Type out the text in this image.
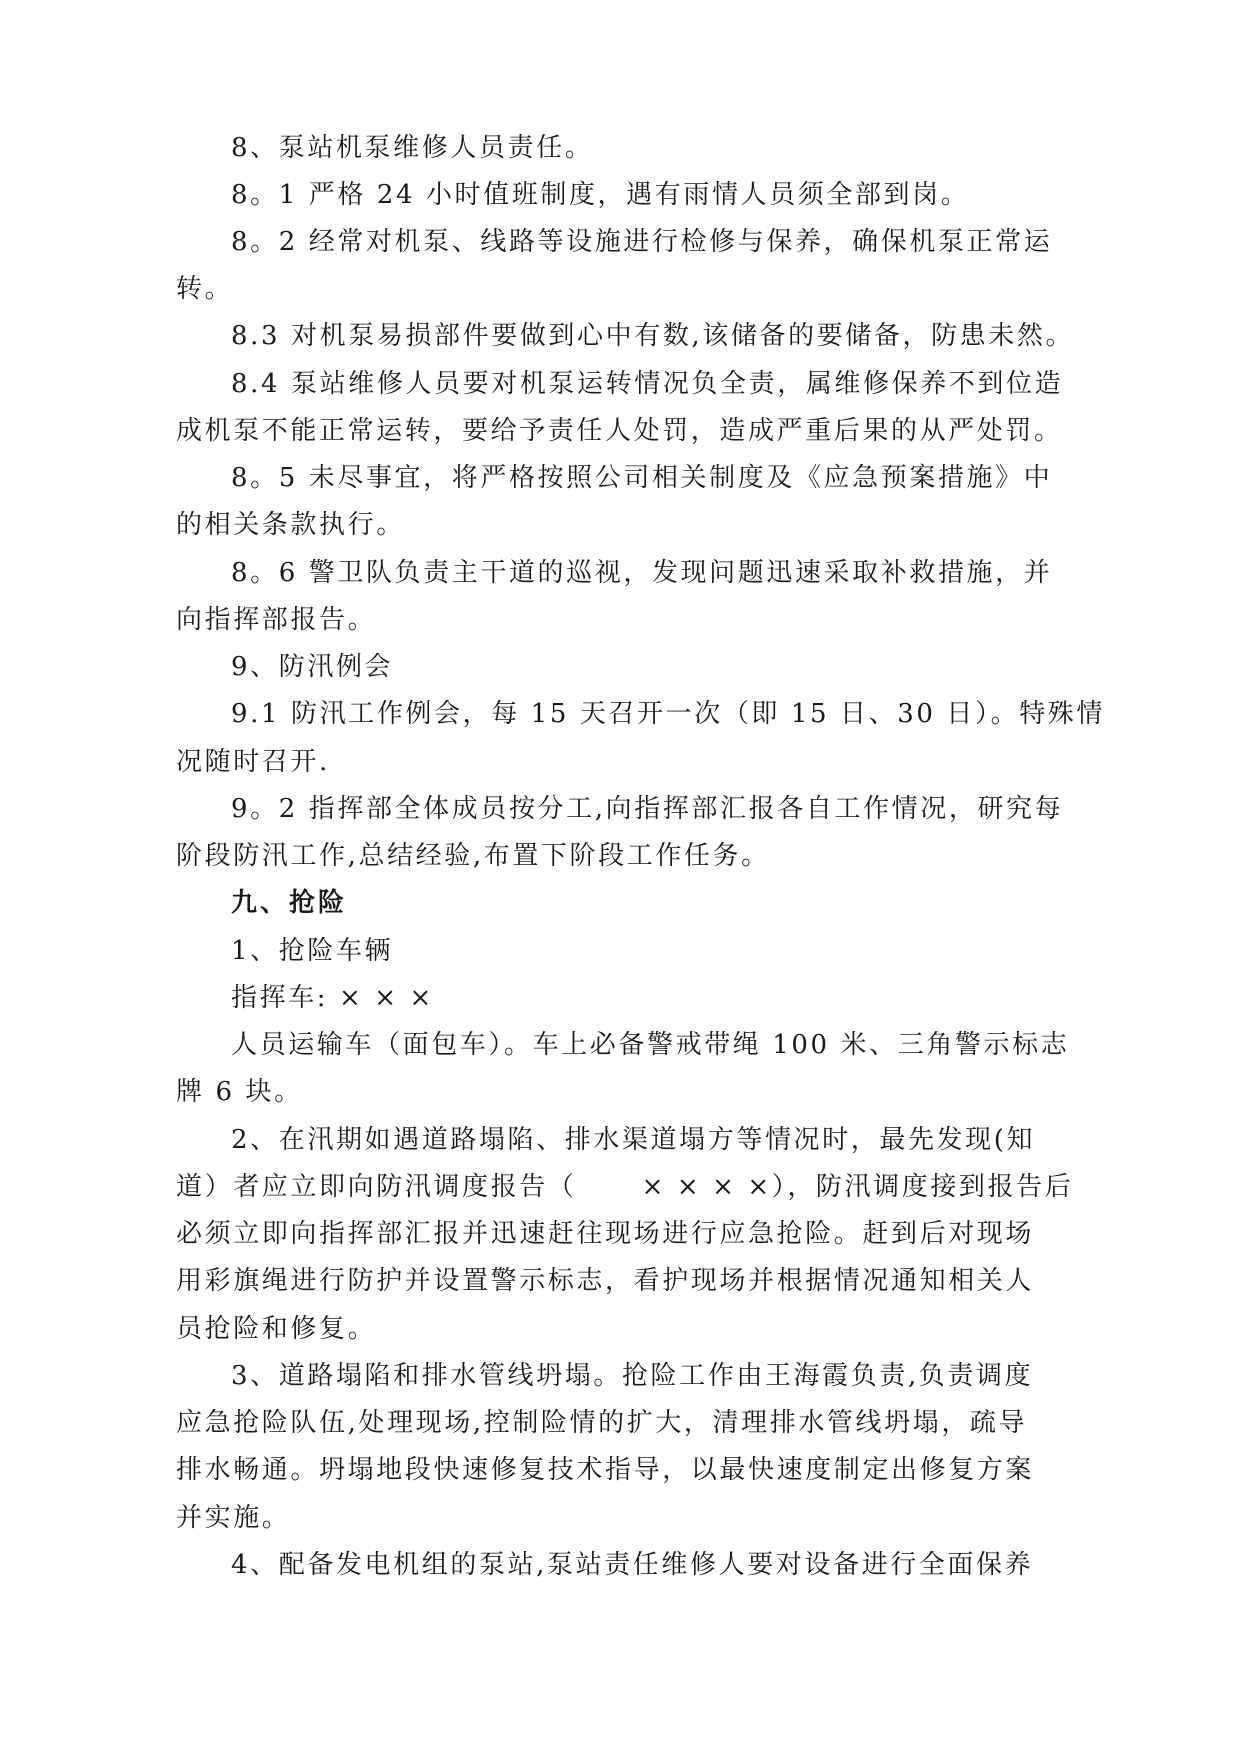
8、泵站机泵维修人员责任。
8。1 严格 24 小时值班制度，遇有雨情人员须全部到岗。
8。2 经常对机泵、线路等设施进行检修与保养，确保机泵正常运
转。
8.3 对机泵易损部件要做到心中有数,该储备的要储备，防患未然。
8.4 泵站维修人员要对机泵运转情况负全责，属维修保养不到位造
成机泵不能正常运转，要给予责任人处罚，造成严重后果的从严处罚。
8。5 未尽事宜，将严格按照公司相关制度及《应急预案措施》中
的相关条款执行。
8。6 警卫队负责主干道的巡视，发现问题迅速采取补救措施，并
向指挥部报告。
9、防汛例会
9.1 防汛工作例会，每 15 天召开一次（即 15 日、30 日）。特殊情
况随时召开.
9。2 指挥部全体成员按分工,向指挥部汇报各自工作情况，研究每
阶段防汛工作,总结经验,布置下阶段工作任务。
九、抢险
1、抢险车辆
指挥车: × × ×
人员运输车（面包车）。车上必备警戒带绳 100 米、三角警示标志
牌 6 块。
2、在汛期如遇道路塌陷、排水渠道塌方等情况时，最先发现(知
道）者应立即向防汛调度报告（      × × × ×），防汛调度接到报告后
必须立即向指挥部汇报并迅速赶往现场进行应急抢险。赶到后对现场
用彩旗绳进行防护并设置警示标志，看护现场并根据情况通知相关人
员抢险和修复。
3、道路塌陷和排水管线坍塌。抢险工作由王海霞负责,负责调度
应急抢险队伍,处理现场,控制险情的扩大，清理排水管线坍塌，疏导
排水畅通。坍塌地段快速修复技术指导，以最快速度制定出修复方案
并实施。
4、配备发电机组的泵站,泵站责任维修人要对设备进行全面保养
